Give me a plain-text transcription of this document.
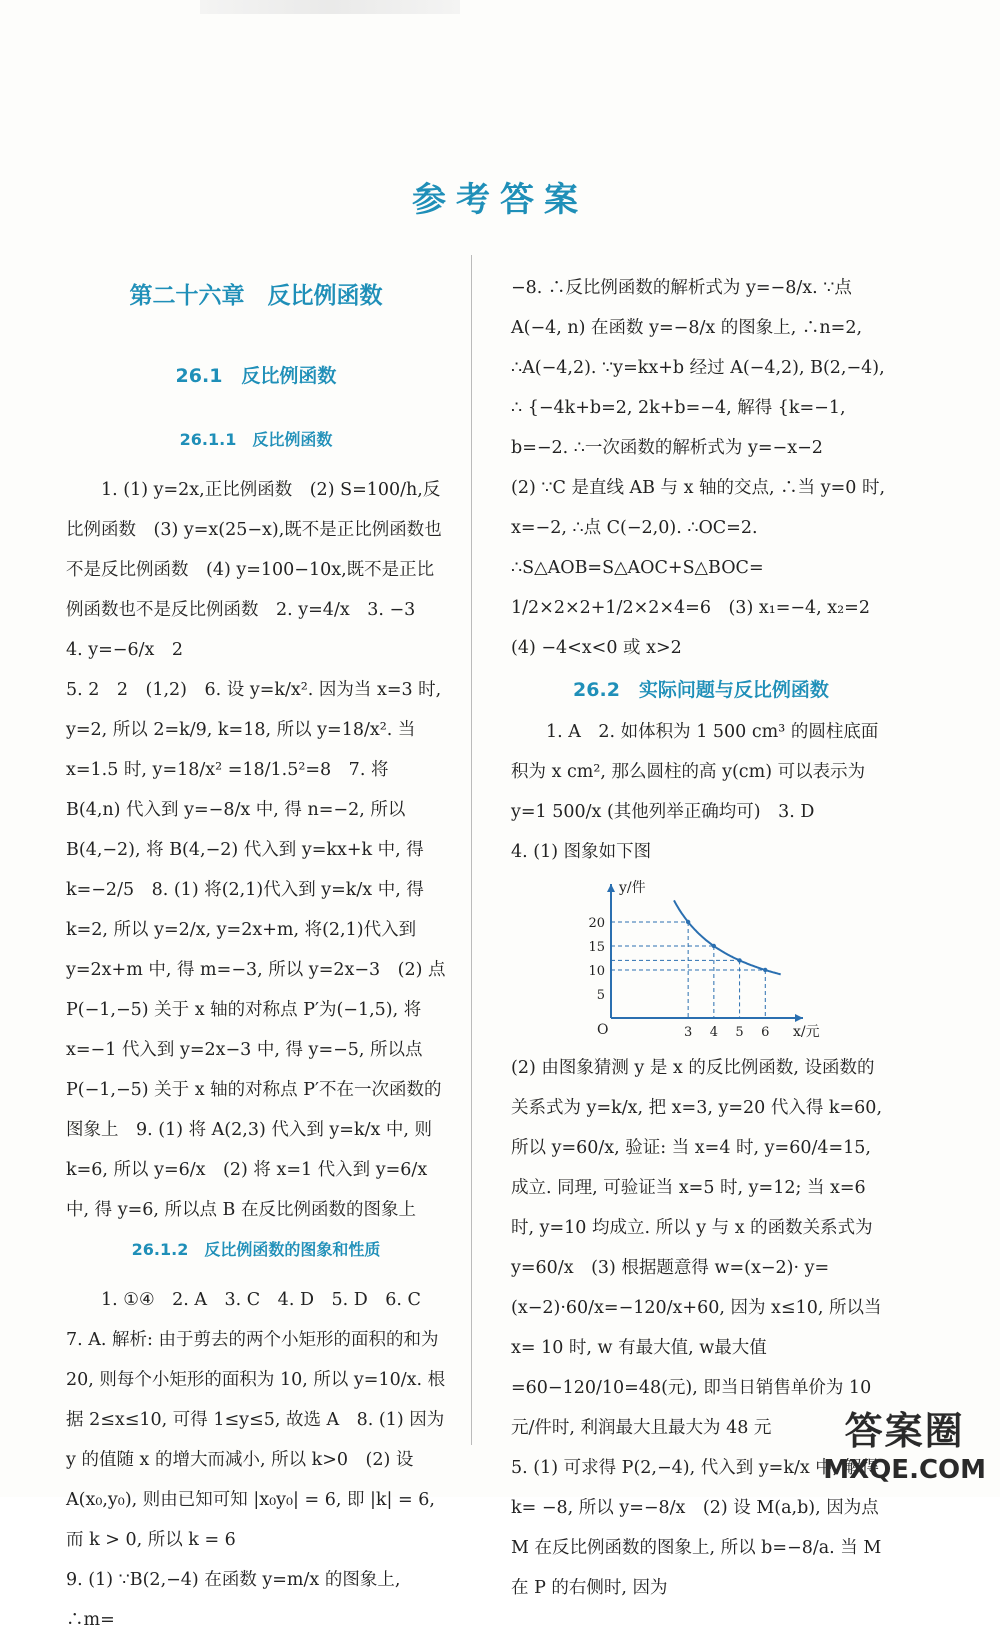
参考答案
第二十六章　反比例函数
26.1　反比例函数
26.1.1　反比例函数

1. (1) y=2x,正比例函数　(2) S=100/h,反比例函数　(3) y=x(25−x),既不是正比例函数也不是反比例函数　(4) y=100−10x,既不是正比例函数也不是反比例函数　2. y=4/x　3. −3　4. y=−6/x　2

5. 2　2　(1,2)　6. 设 y=k/x². 因为当 x=3 时, y=2, 所以 2=k/9, k=18, 所以 y=18/x². 当 x=1.5 时, y=18/x² =18/1.5²=8　7. 将 B(4,n) 代入到 y=−8/x 中, 得 n=−2, 所以 B(4,−2), 将 B(4,−2) 代入到 y=kx+k 中, 得 k=−2/5　8. (1) 将(2,1)代入到 y=k/x 中, 得 k=2, 所以 y=2/x, y=2x+m, 将(2,1)代入到 y=2x+m 中, 得 m=−3, 所以 y=2x−3　(2) 点 P(−1,−5) 关于 x 轴的对称点 P′为(−1,5), 将 x=−1 代入到 y=2x−3 中, 得 y=−5, 所以点 P(−1,−5) 关于 x 轴的对称点 P′不在一次函数的图象上　9. (1) 将 A(2,3) 代入到 y=k/x 中, 则 k=6, 所以 y=6/x　(2) 将 x=1 代入到 y=6/x 中, 得 y=6, 所以点 B 在反比例函数的图象上

26.1.2　反比例函数的图象和性质

1. ①④　2. A　3. C　4. D　5. D　6. C　7. A. 解析: 由于剪去的两个小矩形的面积的和为 20, 则每个小矩形的面积为 10, 所以 y=10/x. 根据 2≤x≤10, 可得 1≤y≤5, 故选 A　8. (1) 因为 y 的值随 x 的增大而减小, 所以 k>0　(2) 设 A(x₀,y₀), 则由已知可知 |x₀y₀| = 6, 即 |k| = 6, 而 k > 0, 所以 k = 6

9. (1) ∵B(2,−4) 在函数 y=m/x 的图象上, ∴m=

−8. ∴反比例函数的解析式为 y=−8/x. ∵点 A(−4, n) 在函数 y=−8/x 的图象上, ∴n=2, ∴A(−4,2). ∵y=kx+b 经过 A(−4,2), B(2,−4), ∴ {−4k+b=2, 2k+b=−4, 解得 {k=−1, b=−2. ∴一次函数的解析式为 y=−x−2

(2) ∵C 是直线 AB 与 x 轴的交点, ∴当 y=0 时, x=−2, ∴点 C(−2,0). ∴OC=2. ∴S△AOB=S△AOC+S△BOC= 1/2×2×2+1/2×2×4=6　(3) x₁=−4, x₂=2

(4) −4<x<0 或 x>2

26.2　实际问题与反比例函数

1. A　2. 如体积为 1 500 cm³ 的圆柱底面积为 x cm², 那么圆柱的高 y(cm) 可以表示为 y=1 500/x (其他列举正确均可)　3. D

4. (1) 图象如下图

y/件
x/元
O
5
10
15
20
3 4 5 6

(2) 由图象猜测 y 是 x 的反比例函数, 设函数的关系式为 y=k/x, 把 x=3, y=20 代入得 k=60, 所以 y=60/x, 验证: 当 x=4 时, y=60/4=15, 成立. 同理, 可验证当 x=5 时, y=12; 当 x=6 时, y=10 均成立. 所以 y 与 x 的函数关系式为 y=60/x　(3) 根据题意得 w=(x−2)· y=(x−2)·60/x=−120/x+60, 因为 x≤10, 所以当 x= 10 时, w 有最大值, w最大值=60−120/10=48(元), 即当日销售单价为 10 元/件时, 利润最大且最大为 48 元

5. (1) 可求得 P(2,−4), 代入到 y=k/x 中, 解得 k= −8, 所以 y=−8/x　(2) 设 M(a,b), 因为点 M 在反比例函数的图象上, 所以 b=−8/a. 当 M 在 P 的右侧时, 因为

答案圈
MXQE.COM
